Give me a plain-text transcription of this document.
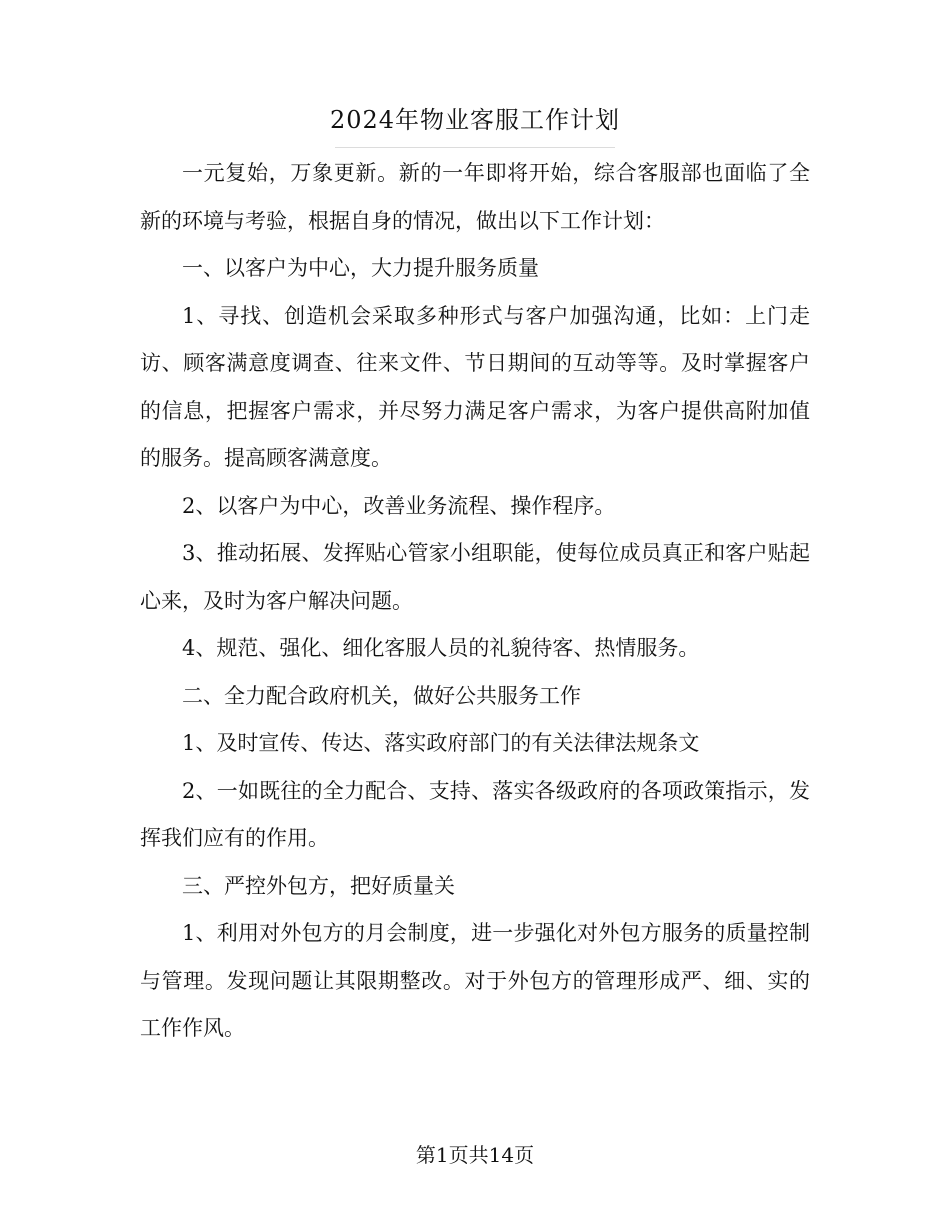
2024年物业客服工作计划

一元复始，万象更新。新的一年即将开始，综合客服部也面临了全新的环境与考验，根据自身的情况，做出以下工作计划：

一、以客户为中心，大力提升服务质量

1、寻找、创造机会采取多种形式与客户加强沟通，比如：上门走访、顾客满意度调查、往来文件、节日期间的互动等等。及时掌握客户的信息，把握客户需求，并尽努力满足客户需求，为客户提供高附加值的服务。提高顾客满意度。

2、以客户为中心，改善业务流程、操作程序。

3、推动拓展、发挥贴心管家小组职能，使每位成员真正和客户贴起心来，及时为客户解决问题。

4、规范、强化、细化客服人员的礼貌待客、热情服务。

二、全力配合政府机关，做好公共服务工作

1、及时宣传、传达、落实政府部门的有关法律法规条文

2、一如既往的全力配合、支持、落实各级政府的各项政策指示，发挥我们应有的作用。

三、严控外包方，把好质量关

1、利用对外包方的月会制度，进一步强化对外包方服务的质量控制与管理。发现问题让其限期整改。对于外包方的管理形成严、细、实的工作作风。

第1页共14页
